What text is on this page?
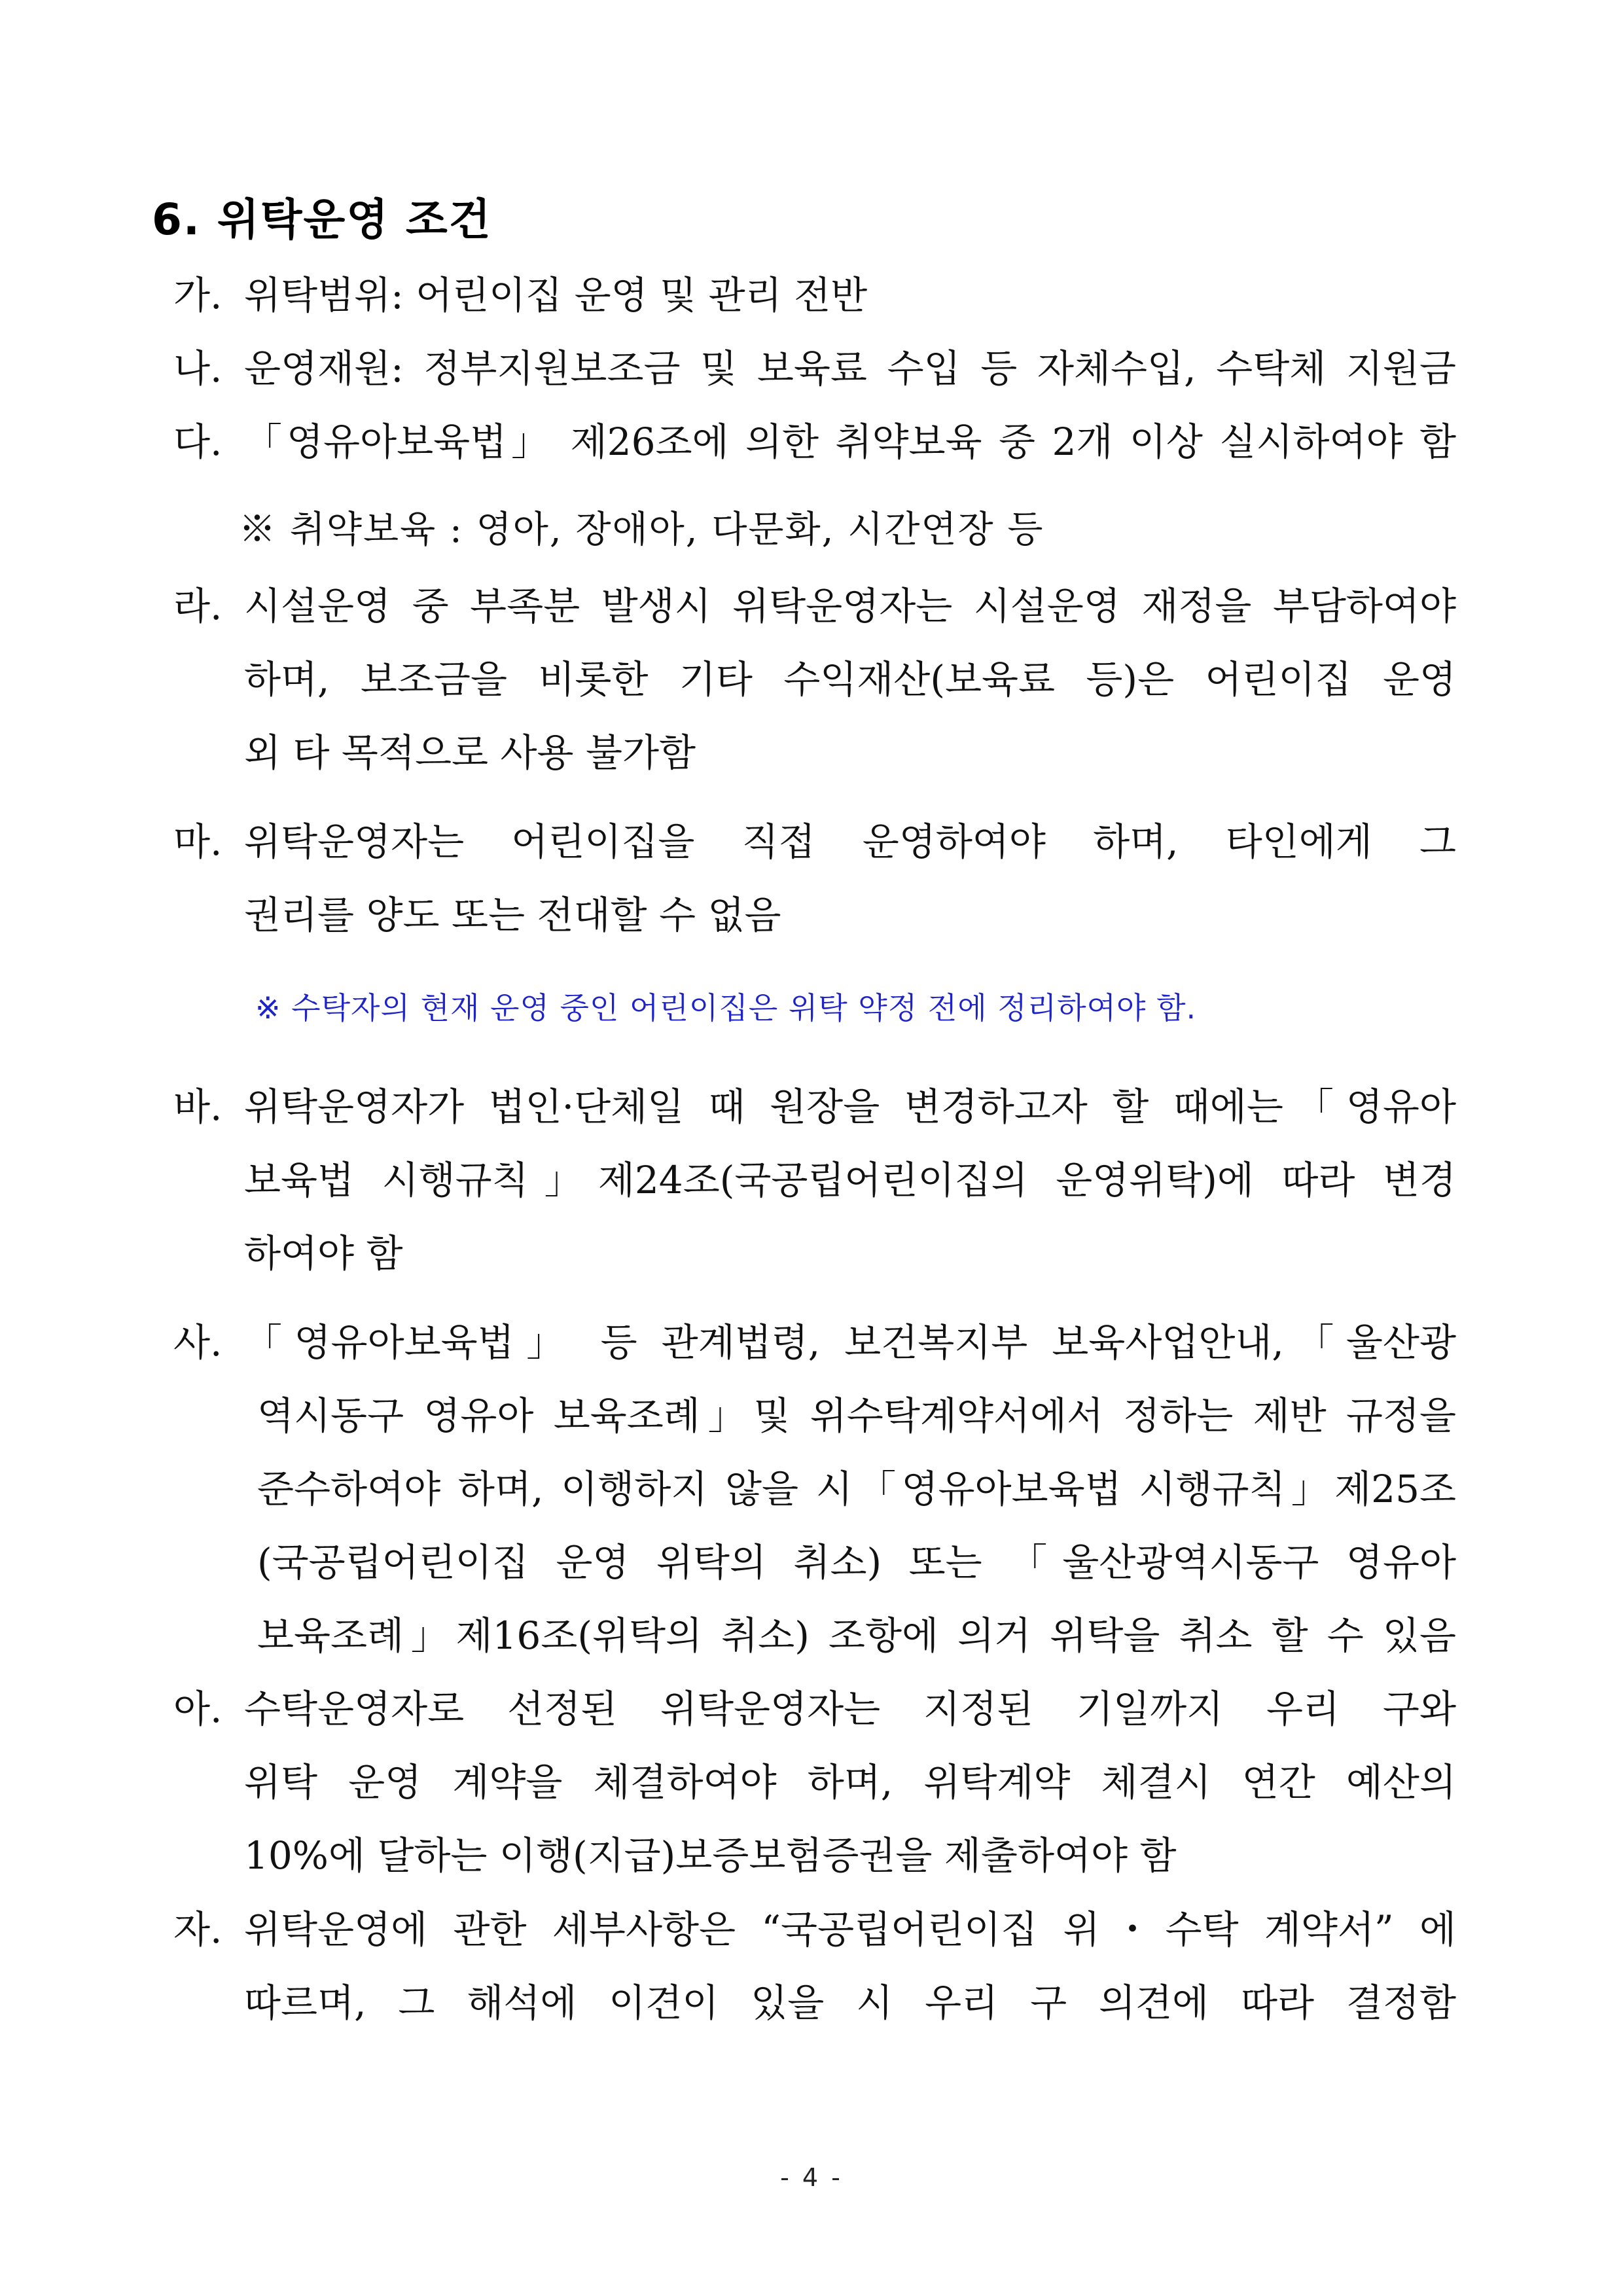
6. 위탁운영 조건
가. 위탁범위: 어린이집 운영 및 관리 전반
나. 운영재원: 정부지원보조금 및 보육료 수입 등 자체수입, 수탁체 지원금
다. 「영유아보육법」 제26조에 의한 취약보육 중 2개 이상 실시하여야 함
※ 취약보육 : 영아, 장애아, 다문화, 시간연장 등
라. 시설운영 중 부족분 발생시 위탁운영자는 시설운영 재정을 부담하여야
하며, 보조금을 비롯한 기타 수익재산(보육료 등)은 어린이집 운영
외 타 목적으로 사용 불가함
마. 위탁운영자는 어린이집을 직접 운영하여야 하며, 타인에게 그
권리를 양도 또는 전대할 수 없음
※ 수탁자의 현재 운영 중인 어린이집은 위탁 약정 전에 정리하여야 함.
바. 위탁운영자가 법인·단체일 때 원장을 변경하고자 할 때에는「영유아
보육법 시행규칙」제24조(국공립어린이집의 운영위탁)에 따라 변경
하여야 함
사. 「영유아보육법」 등 관계법령, 보건복지부 보육사업안내,「울산광
역시동구 영유아 보육조례」및 위수탁계약서에서 정하는 제반 규정을
준수하여야 하며, 이행하지 않을 시「영유아보육법 시행규칙」제25조
(국공립어린이집 운영 위탁의 취소) 또는 「울산광역시동구 영유아
보육조례」제16조(위탁의 취소) 조항에 의거 위탁을 취소 할 수 있음
아. 수탁운영자로 선정된 위탁운영자는 지정된 기일까지 우리 구와
위탁 운영 계약을 체결하여야 하며, 위탁계약 체결시 연간 예산의
10%에 달하는 이행(지급)보증보험증권을 제출하여야 함
자. 위탁운영에 관한 세부사항은 “국공립어린이집 위・수탁 계약서” 에
따르며, 그 해석에 이견이 있을 시 우리 구 의견에 따라 결정함
- 4 -
